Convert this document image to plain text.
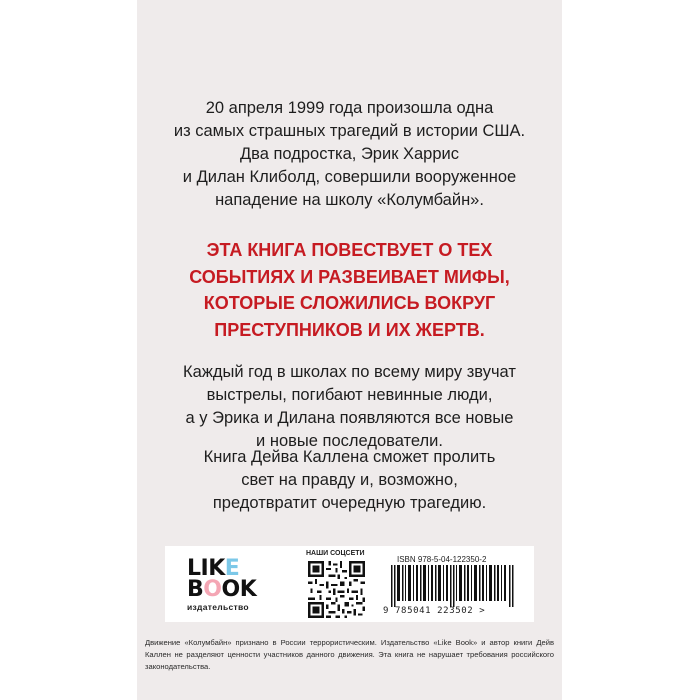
20 апреля 1999 года произошла одна
из самых страшных трагедий в истории США.
Два подростка, Эрик Харрис
и Дилан Клиболд, совершили вооруженное
нападение на школу «Колумбайн».
ЭТА КНИГА ПОВЕСТВУЕТ О ТЕХ
СОБЫТИЯХ И РАЗВЕИВАЕТ МИФЫ,
КОТОРЫЕ СЛОЖИЛИСЬ ВОКРУГ
ПРЕСТУПНИКОВ И ИХ ЖЕРТВ.
Каждый год в школах по всему миру звучат
выстрелы, погибают невинные люди,
а у Эрика и Дилана появляются все новые
и новые последователи.
Книга Дейва Каллена сможет пролить
свет на правду и, возможно,
предотвратит очередную трагедию.
L I K E
B O O K
издательство
НАШИ СОЦСЕТИ
ISBN 978-5-04-122350-2
9 785041 223502 >
Движение «Колумбайн» признано в России террористическим. Издательство «Like Book» и автор книги Дейв Каллен не разделяют ценности участников данного движения. Эта книга не нарушает требования российского законодательства.
